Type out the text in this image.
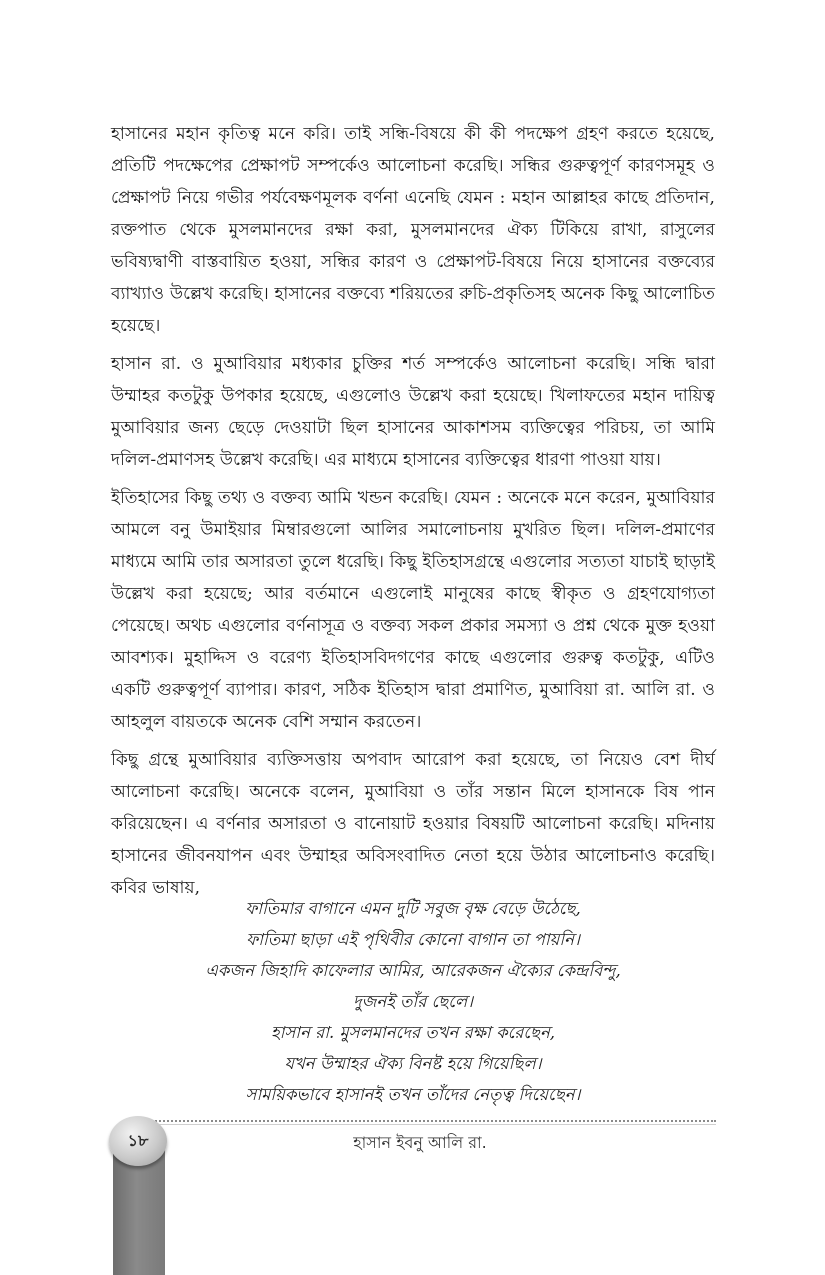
হাসানের মহান কৃতিত্ব মনে করি। তাই সন্ধি-বিষয়ে কী কী পদক্ষেপ গ্রহণ করতে হয়েছে, প্রতিটি পদক্ষেপের প্রেক্ষাপট সম্পর্কেও আলোচনা করেছি। সন্ধির গুরুত্বপূর্ণ কারণসমূহ ও প্রেক্ষাপট নিয়ে গভীর পর্যবেক্ষণমূলক বর্ণনা এনেছি যেমন : মহান আল্লাহর কাছে প্রতিদান, রক্তপাত থেকে মুসলমানদের রক্ষা করা, মুসলমানদের ঐক্য টিকিয়ে রাখা, রাসুলের ভবিষ্যদ্বাণী বাস্তবায়িত হওয়া, সন্ধির কারণ ও প্রেক্ষাপট-বিষয়ে নিয়ে হাসানের বক্তব্যের ব্যাখ্যাও উল্লেখ করেছি। হাসানের বক্তব্যে শরিয়তের রুচি-প্রকৃতিসহ অনেক কিছু আলোচিত হয়েছে।

হাসান রা. ও মুআবিয়ার মধ্যকার চুক্তির শর্ত সম্পর্কেও আলোচনা করেছি। সন্ধি দ্বারা উম্মাহর কতটুকু উপকার হয়েছে, এগুলোও উল্লেখ করা হয়েছে। খিলাফতের মহান দায়িত্ব মুআবিয়ার জন্য ছেড়ে দেওয়াটা ছিল হাসানের আকাশসম ব্যক্তিত্বের পরিচয়, তা আমি দলিল-প্রমাণসহ উল্লেখ করেছি। এর মাধ্যমে হাসানের ব্যক্তিত্বের ধারণা পাওয়া যায়।

ইতিহাসের কিছু তথ্য ও বক্তব্য আমি খন্ডন করেছি। যেমন : অনেকে মনে করেন, মুআবিয়ার আমলে বনু উমাইয়ার মিম্বারগুলো আলির সমালোচনায় মুখরিত ছিল। দলিল-প্রমাণের মাধ্যমে আমি তার অসারতা তুলে ধরেছি। কিছু ইতিহাসগ্রন্থে এগুলোর সত্যতা যাচাই ছাড়াই উল্লেখ করা হয়েছে; আর বর্তমানে এগুলোই মানুষের কাছে স্বীকৃত ও গ্রহণযোগ্যতা পেয়েছে। অথচ এগুলোর বর্ণনাসূত্র ও বক্তব্য সকল প্রকার সমস্যা ও প্রশ্ন থেকে মুক্ত হওয়া আবশ্যক। মুহাদ্দিস ও বরেণ্য ইতিহাসবিদগণের কাছে এগুলোর গুরুত্ব কতটুকু, এটিও একটি গুরুত্বপূর্ণ ব্যাপার। কারণ, সঠিক ইতিহাস দ্বারা প্রমাণিত, মুআবিয়া রা. আলি রা. ও আহলুল বায়তকে অনেক বেশি সম্মান করতেন।

কিছু গ্রন্থে মুআবিয়ার ব্যক্তিসত্তায় অপবাদ আরোপ করা হয়েছে, তা নিয়েও বেশ দীর্ঘ আলোচনা করেছি। অনেকে বলেন, মুআবিয়া ও তাঁর সন্তান মিলে হাসানকে বিষ পান করিয়েছেন। এ বর্ণনার অসারতা ও বানোয়াট হওয়ার বিষয়টি আলোচনা করেছি। মদিনায় হাসানের জীবনযাপন এবং উম্মাহর অবিসংবাদিত নেতা হয়ে উঠার আলোচনাও করেছি। কবির ভাষায়,

ফাতিমার বাগানে এমন দুটি সবুজ বৃক্ষ বেড়ে উঠেছে,

ফাতিমা ছাড়া এই পৃথিবীর কোনো বাগান তা পায়নি।

একজন জিহাদি কাফেলার আমির, আরেকজন ঐক্যের কেন্দ্রবিন্দু,

দুজনই তাঁর ছেলে।

হাসান রা. মুসলমানদের তখন রক্ষা করেছেন,

যখন উম্মাহর ঐক্য বিনষ্ট হয়ে গিয়েছিল।

সাময়িকভাবে হাসানই তখন তাঁদের নেতৃত্ব দিয়েছেন।

১৮	হাসান ইবনু আলি রা.
